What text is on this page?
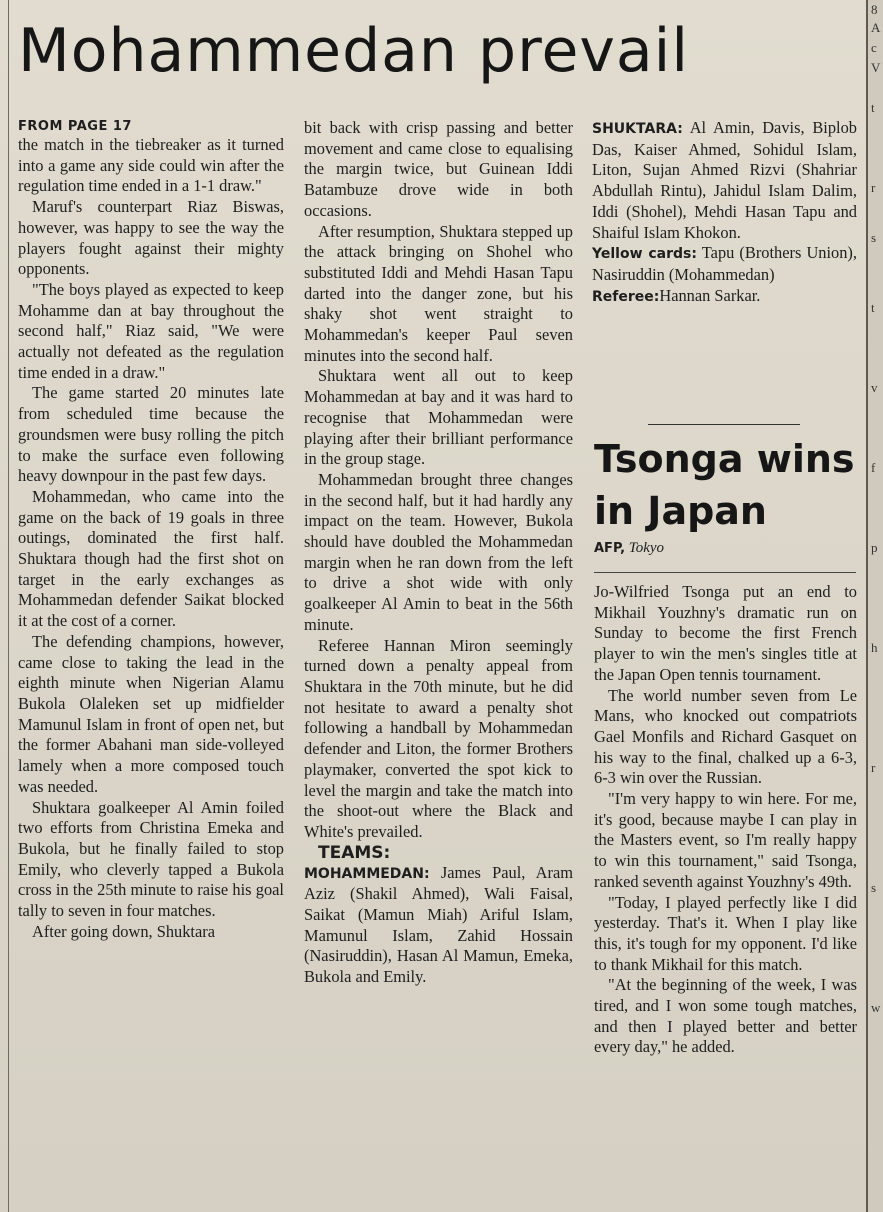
8
A
c
V
t
r
s
t
v
f
p
h
r
s
w
Mohammedan prevail
FROM PAGE 17

the match in the tiebreaker as it turned into a game any side could win after the regulation time ended in a 1-1 draw."

Maruf's counterpart Riaz Biswas, however, was happy to see the way the players fought against their mighty opponents.

"The boys played as expected to keep Mohamme dan at bay throughout the second half," Riaz said, "We were actually not defeated as the regulation time ended in a draw."

The game started 20 minutes late from scheduled time because the groundsmen were busy rolling the pitch to make the surface even following heavy downpour in the past few days.

Mohammedan, who came into the game on the back of 19 goals in three outings, dominated the first half. Shuktara though had the first shot on target in the early exchanges as Mohammedan defender Saikat blocked it at the cost of a corner.

The defending champions, however, came close to taking the lead in the eighth minute when Nigerian Alamu Bukola Olaleken set up midfielder Mamunul Islam in front of open net, but the former Abahani man side-volleyed lamely when a more composed touch was needed.

Shuktara goalkeeper Al Amin foiled two efforts from Christina Emeka and Bukola, but he finally failed to stop Emily, who cleverly tapped a Bukola cross in the 25th minute to raise his goal tally to seven in four matches.

After going down, Shuktara

bit back with crisp passing and better movement and came close to equalising the margin twice, but Guinean Iddi Batambuze drove wide in both occasions.

After resumption, Shuktara stepped up the attack bringing on Shohel who substituted Iddi and Mehdi Hasan Tapu darted into the danger zone, but his shaky shot went straight to Mohammedan's keeper Paul seven minutes into the second half.

Shuktara went all out to keep Mohammedan at bay and it was hard to recognise that Mohammedan were playing after their brilliant performance in the group stage.

Mohammedan brought three changes in the second half, but it had hardly any impact on the team. However, Bukola should have doubled the Mohammedan margin when he ran down from the left to drive a shot wide with only goalkeeper Al Amin to beat in the 56th minute.

Referee Hannan Miron seemingly turned down a penalty appeal from Shuktara in the 70th minute, but he did not hesitate to award a penalty shot following a handball by Mohammedan defender and Liton, the former Brothers playmaker, converted the spot kick to level the margin and take the match into the shoot-out where the Black and White's prevailed.

TEAMS:

MOHAMMEDAN: James Paul, Aram Aziz (Shakil Ahmed), Wali Faisal, Saikat (Mamun Miah) Ariful Islam, Mamunul Islam, Zahid Hossain (Nasiruddin), Hasan Al Mamun, Emeka, Bukola and Emily.

SHUKTARA: Al Amin, Davis, Biplob Das, Kaiser Ahmed, Sohidul Islam, Liton, Sujan Ahmed Rizvi (Shahriar Abdullah Rintu), Jahidul Islam Dalim, Iddi (Shohel), Mehdi Hasan Tapu and Shaiful Islam Khokon.

Yellow cards: Tapu (Brothers Union), Nasiruddin (Mohammedan)

Referee:Hannan Sarkar.

Tsonga wins in Japan
AFP, Tokyo

Jo-Wilfried Tsonga put an end to Mikhail Youzhny's dramatic run on Sunday to become the first French player to win the men's singles title at the Japan Open tennis tournament.

The world number seven from Le Mans, who knocked out compatriots Gael Monfils and Richard Gasquet on his way to the final, chalked up a 6-3, 6-3 win over the Russian.

"I'm very happy to win here. For me, it's good, because maybe I can play in the Masters event, so I'm really happy to win this tournament," said Tsonga, ranked seventh against Youzhny's 49th.

"Today, I played perfectly like I did yesterday. That's it. When I play like this, it's tough for my opponent. I'd like to thank Mikhail for this match.

"At the beginning of the week, I was tired, and I won some tough matches, and then I played better and better every day," he added.
